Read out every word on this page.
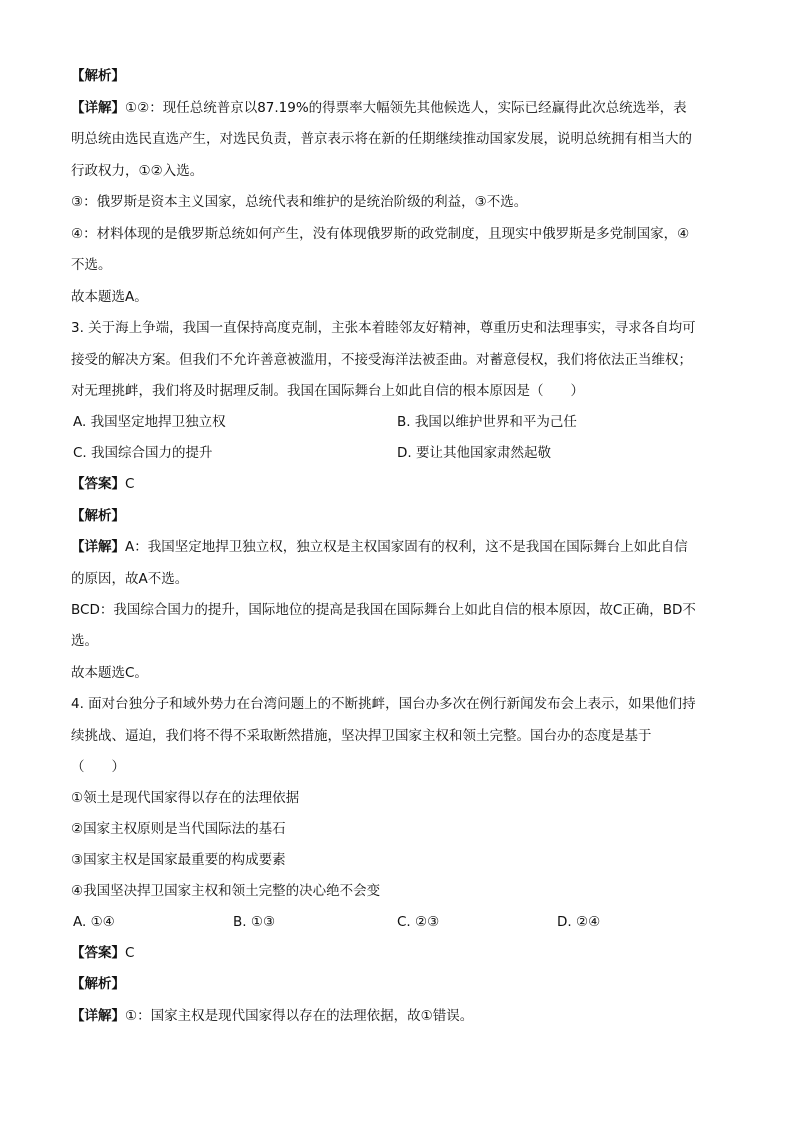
【解析】
【详解】①②：现任总统普京以87.19%的得票率大幅领先其他候选人，实际已经赢得此次总统选举，表
明总统由选民直选产生，对选民负责，普京表示将在新的任期继续推动国家发展，说明总统拥有相当大的
行政权力，①②入选。
③：俄罗斯是资本主义国家，总统代表和维护的是统治阶级的利益，③不选。
④：材料体现的是俄罗斯总统如何产生，没有体现俄罗斯的政党制度，且现实中俄罗斯是多党制国家，④
不选。
故本题选A。
3. 关于海上争端，我国一直保持高度克制，主张本着睦邻友好精神，尊重历史和法理事实，寻求各自均可
接受的解决方案。但我们不允许善意被滥用，不接受海洋法被歪曲。对蓄意侵权，我们将依法正当维权；
对无理挑衅，我们将及时据理反制。我国在国际舞台上如此自信的根本原因是（　　）
A. 我国坚定地捍卫独立权	B. 我国以维护世界和平为己任
C. 我国综合国力的提升	D. 要让其他国家肃然起敬
【答案】C
【解析】
【详解】A：我国坚定地捍卫独立权，独立权是主权国家固有的权利，这不是我国在国际舞台上如此自信
的原因，故A不选。
BCD：我国综合国力的提升，国际地位的提高是我国在国际舞台上如此自信的根本原因，故C正确，BD不
选。
故本题选C。
4. 面对台独分子和域外势力在台湾问题上的不断挑衅，国台办多次在例行新闻发布会上表示，如果他们持
续挑战、逼迫，我们将不得不采取断然措施，坚决捍卫国家主权和领土完整。国台办的态度是基于
（　　）
①领土是现代国家得以存在的法理依据
②国家主权原则是当代国际法的基石
③国家主权是国家最重要的构成要素
④我国坚决捍卫国家主权和领土完整的决心绝不会变
A. ①④	B. ①③	C. ②③	D. ②④
【答案】C
【解析】
【详解】①：国家主权是现代国家得以存在的法理依据，故①错误。
